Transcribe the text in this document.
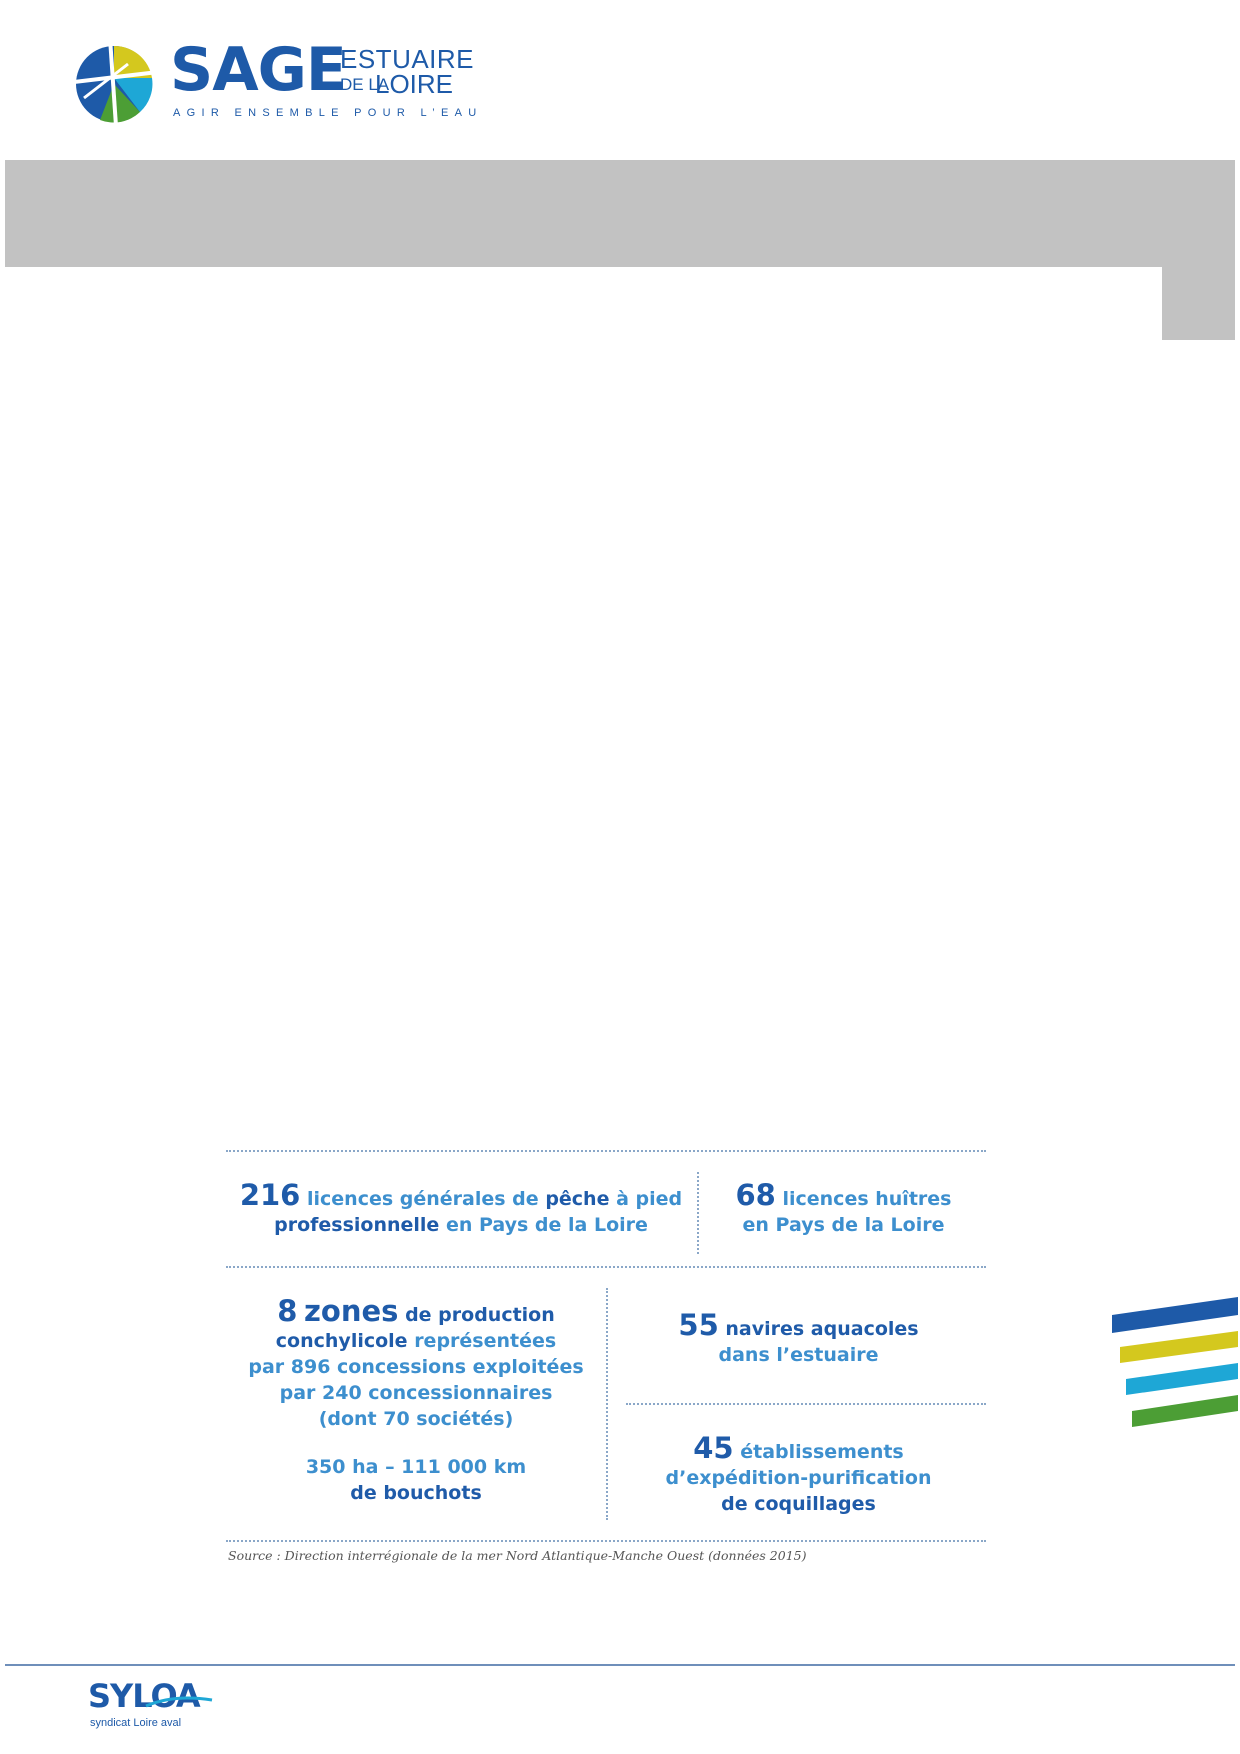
SAGE
ESTUAIRE
DE LA
LOIRE
AGIR ENSEMBLE POUR L’EAU
216 licences générales de pêche à pied
professionnelle en Pays de la Loire
68 licences huîtres
en Pays de la Loire
8 zones de production
conchylicole représentées
par 896 concessions exploitées
par 240 concessionnaires
(dont 70 sociétés)
350 ha – 111 000 km
de bouchots
55 navires aquacoles
dans l’estuaire
45 établissements
d’expédition-purification
de coquillages
Source : Direction interrégionale de la mer Nord Atlantique-Manche Ouest (données 2015)
SYLOA
syndicat Loire aval
